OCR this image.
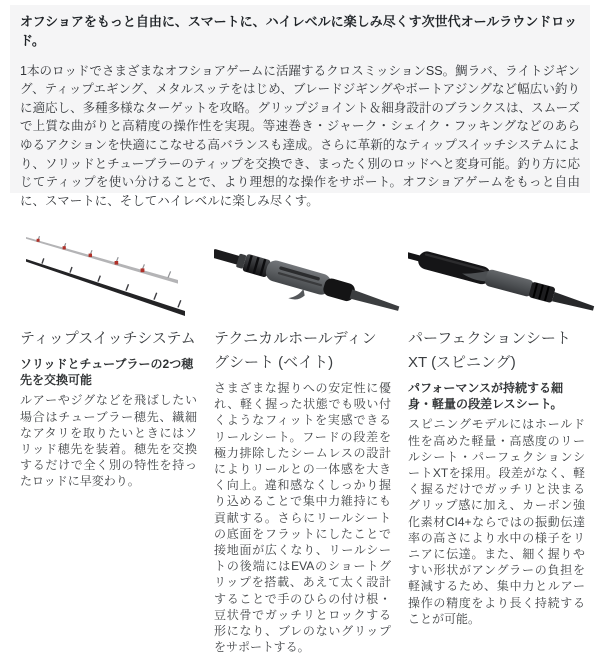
オフショアをもっと自由に、スマートに、ハイレベルに楽しみ尽くす次世代オールラウンドロッド。
1本のロッドでさまざまなオフショアゲームに活躍するクロスミッションSS。鯛ラバ、ライトジギング、ティップエギング、メタルスッテをはじめ、ブレードジギングやボートアジングなど幅広い釣りに適応し、多種多様なターゲットを攻略。グリップジョイント＆細身設計のブランクスは、スムーズで上質な曲がりと高精度の操作性を実現。等速巻き・ジャーク・シェイク・フッキングなどのあらゆるアクションを快適にこなせる高バランスも達成。さらに革新的なティップスイッチシステムにより、ソリッドとチューブラーのティップを交換でき、まったく別のロッドへと変身可能。釣り方に応じてティップを使い分けることで、より理想的な操作をサポート。オフショアゲームをもっと自由に、スマートに、そしてハイレベルに楽しみ尽くす。
ティップスイッチシステム
ソリッドとチューブラーの2つ穂先を交換可能
ルアーやジグなどを飛ばしたい場合はチューブラー穂先、繊細なアタリを取りたいときにはソリッド穂先を装着。穂先を交換するだけで全く別の特性を持ったロッドに早変わり。
テクニカルホールディングシート (ベイト)
さまざまな握りへの安定性に優れ、軽く握った状態でも吸い付くようなフィットを実感できるリールシート。フードの段差を極力排除したシームレスの設計によりリールとの一体感を大きく向上。違和感なくしっかり握り込めることで集中力維持にも貢献する。さらにリールシートの底面をフラットにしたことで接地面が広くなり、リールシートの後端にはEVAのショートグリップを搭載、あえて太く設計することで手のひらの付け根・豆状骨でガッチリとロックする形になり、ブレのないグリップをサポートする。
パーフェクションシートXT (スピニング)
パフォーマンスが持続する細身・軽量の段差レスシート。
スピニングモデルにはホールド性を高めた軽量・高感度のリールシート・パーフェクションシートXTを採用。段差がなく、軽く握るだけでガッチリと決まるグリップ感に加え、カーボン強化素材CI4+ならではの振動伝達率の高さにより水中の様子をリニアに伝達。また、細く握りやすい形状がアングラーの負担を軽減するため、集中力とルアー操作の精度をより長く持続することが可能。
